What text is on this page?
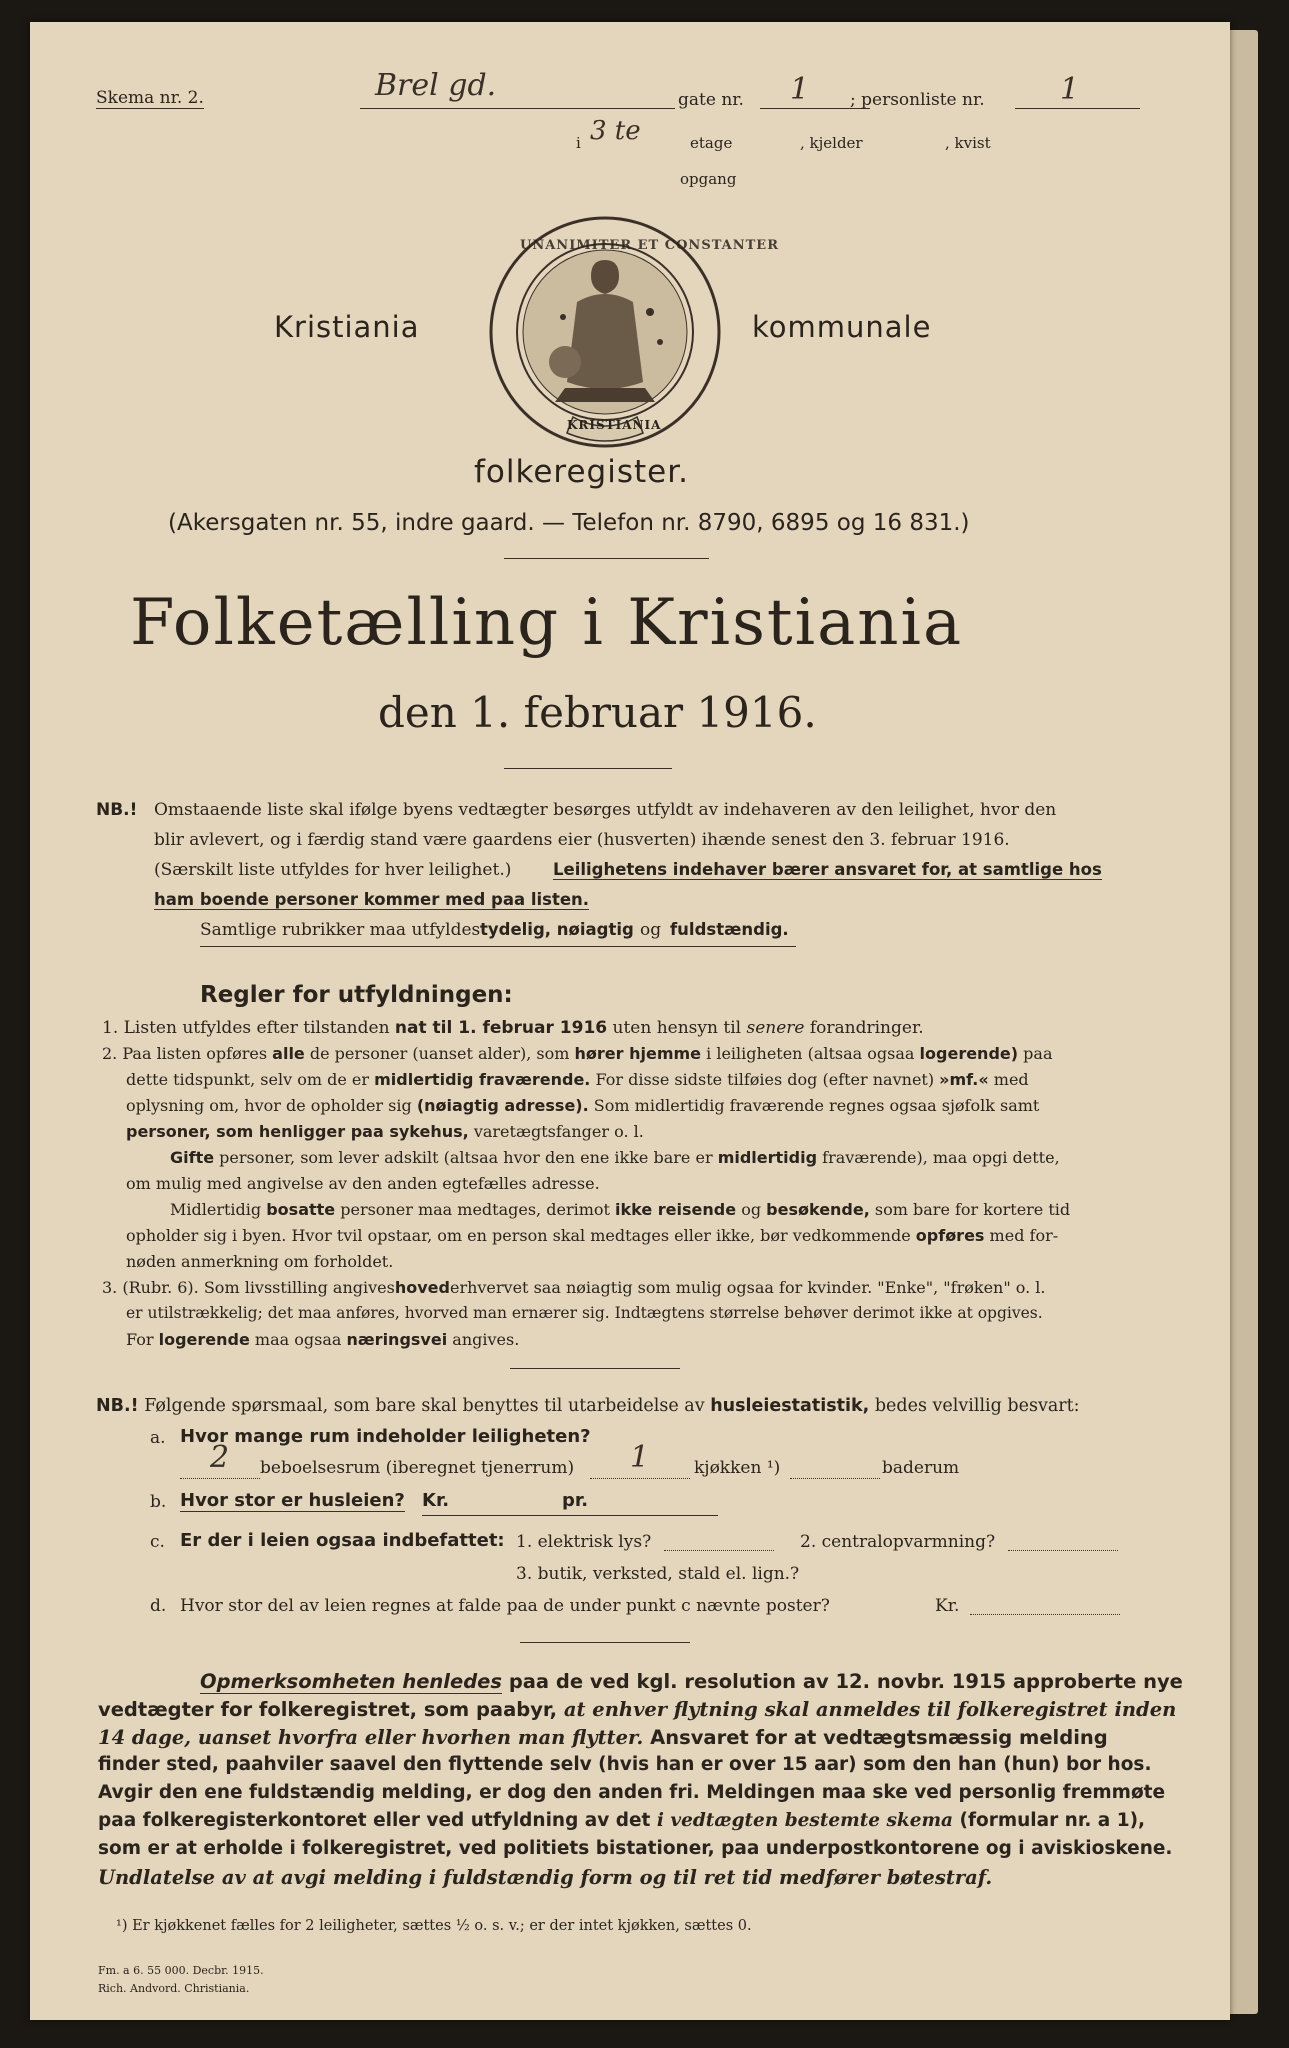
Skema nr. 2.	Brel gd.	gate nr. 1 ; personliste nr.	1
i 3 te	etage	, kjelder	, kvist
opgang
UNANIMITER ET CONSTANTER
KRISTIANIA
Kristiania	kommunale
folkeregister.
(Akersgaten nr. 55, indre gaard. — Telefon nr. 8790, 6895 og 16 831.)
Folketælling i Kristiania
den 1. februar 1916.
NB.! Omstaaende liste skal ifølge byens vedtægter besørges utfyldt av indehaveren av den leilighet, hvor den
blir avlevert, og i færdig stand være gaardens eier (husverten) ihænde senest den 3. februar 1916.
(Særskilt liste utfyldes for hver leilighet.)	Leilighetens indehaver bærer ansvaret for, at samtlige hos
ham boende personer kommer med paa listen.
Samtlige rubrikker maa utfyldes tydelig, nøiagtig og fuldstændig.
Regler for utfyldningen:
1. Listen utfyldes efter tilstanden nat til 1. februar 1916 uten hensyn til senere forandringer.
2. Paa listen opføres alle de personer (uanset alder), som hører hjemme i leiligheten (altsaa ogsaa logerende) paa
dette tidspunkt, selv om de er midlertidig fraværende. For disse sidste tilføies dog (efter navnet) »mf.« med
oplysning om, hvor de opholder sig (nøiagtig adresse). Som midlertidig fraværende regnes ogsaa sjøfolk samt
personer, som henligger paa sykehus, varetægtsfanger o. l.
Gifte personer, som lever adskilt (altsaa hvor den ene ikke bare er midlertidig fraværende), maa opgi dette,
om mulig med angivelse av den anden egtefælles adresse.
Midlertidig bosatte personer maa medtages, derimot ikke reisende og besøkende, som bare for kortere tid
opholder sig i byen. Hvor tvil opstaar, om en person skal medtages eller ikke, bør vedkommende opføres med for-
nøden anmerkning om forholdet.
3. (Rubr. 6). Som livsstilling angiveshovederhvervet saa nøiagtig som mulig ogsaa for kvinder. "Enke", "frøken" o. l.
er utilstrækkelig; det maa anføres, hvorved man ernærer sig. Indtægtens størrelse behøver derimot ikke at opgives.
For logerende maa ogsaa næringsvei angives.
NB.! Følgende spørsmaal, som bare skal benyttes til utarbeidelse av husleiestatistik, bedes velvillig besvart:
a. Hvor mange rum indeholder leiligheten?
2 beboelsesrum (iberegnet tjenerrum) 1	kjøkken ¹)	baderum
b. Hvor stor er husleien? Kr.	pr.
c. Er der i leien ogsaa indbefattet: 1. elektrisk lys?	2. centralopvarmning?
3. butik, verksted, stald el. lign.?
d. Hvor stor del av leien regnes at falde paa de under punkt c nævnte poster?	Kr.
Opmerksomheten henledes paa de ved kgl. resolution av 12. novbr. 1915 approberte nye
vedtægter for folkeregistret, som paabyr, at enhver flytning skal anmeldes til folkeregistret inden
14 dage, uanset hvorfra eller hvorhen man flytter. Ansvaret for at vedtægtsmæssig melding
finder sted, paahviler saavel den flyttende selv (hvis han er over 15 aar) som den han (hun) bor hos.
Avgir den ene fuldstændig melding, er dog den anden fri. Meldingen maa ske ved personlig fremmøte
paa folkeregisterkontoret eller ved utfyldning av det i vedtægten bestemte skema (formular nr. a 1),
som er at erholde i folkeregistret, ved politiets bistationer, paa underpostkontorene og i aviskioskene.
Undlatelse av at avgi melding i fuldstændig form og til ret tid medfører bøtestraf.
¹) Er kjøkkenet fælles for 2 leiligheter, sættes ½ o. s. v.; er der intet kjøkken, sættes 0.
Fm. a 6. 55 000. Decbr. 1915.
Rich. Andvord. Christiania.
